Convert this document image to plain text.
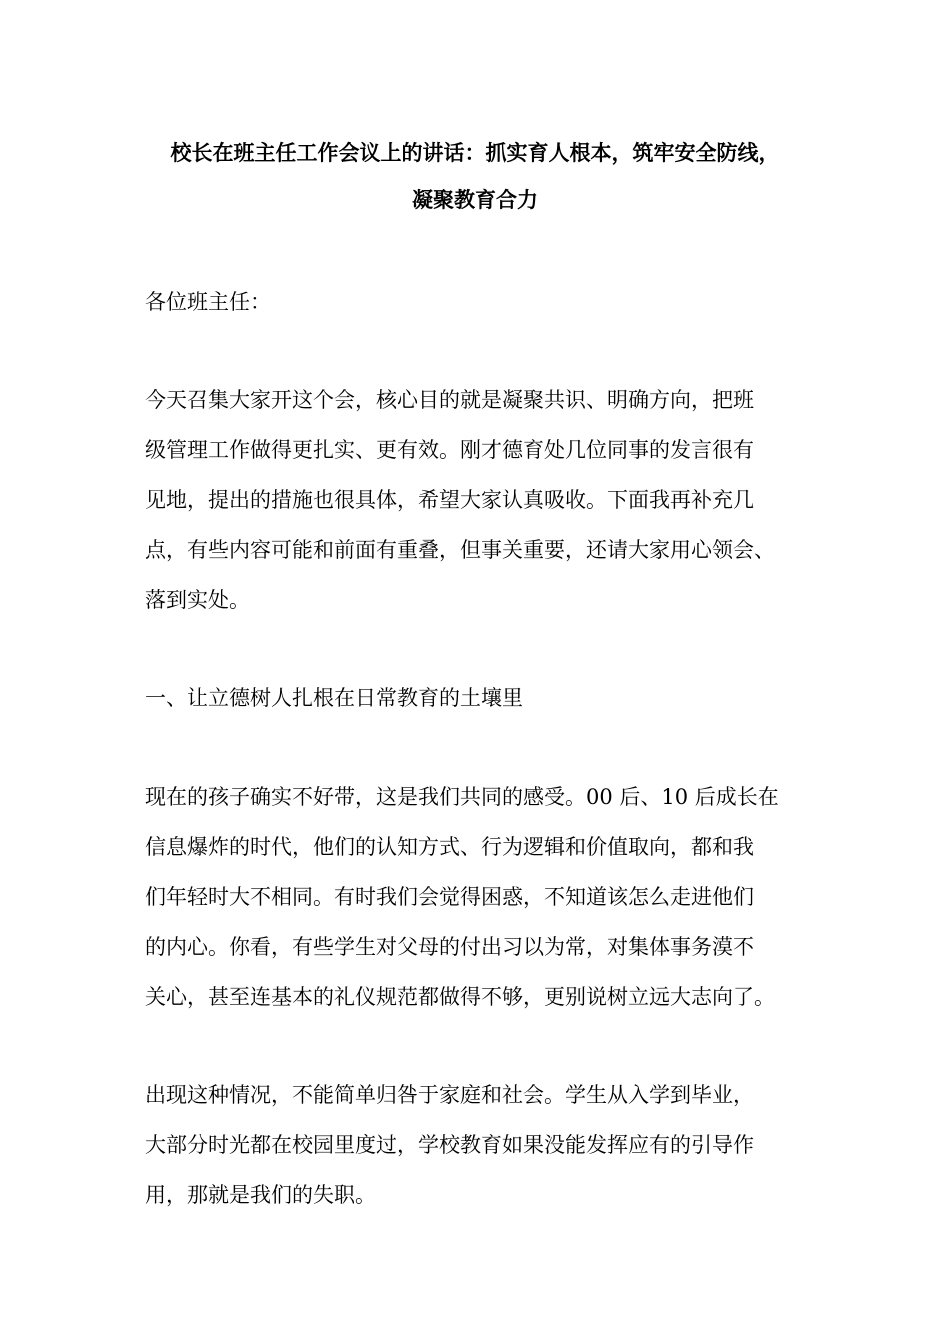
校长在班主任工作会议上的讲话：抓实育人根本，筑牢安全防线，
凝聚教育合力
各位班主任：
今天召集大家开这个会，核心目的就是凝聚共识、明确方向，把班
级管理工作做得更扎实、更有效。刚才德育处几位同事的发言很有
见地，提出的措施也很具体，希望大家认真吸收。下面我再补充几
点，有些内容可能和前面有重叠，但事关重要，还请大家用心领会、
落到实处。
一、让立德树人扎根在日常教育的土壤里
现在的孩子确实不好带，这是我们共同的感受。00 后、10 后成长在
信息爆炸的时代，他们的认知方式、行为逻辑和价值取向，都和我
们年轻时大不相同。有时我们会觉得困惑，不知道该怎么走进他们
的内心。你看，有些学生对父母的付出习以为常，对集体事务漠不
关心，甚至连基本的礼仪规范都做得不够，更别说树立远大志向了。
出现这种情况，不能简单归咎于家庭和社会。学生从入学到毕业，
大部分时光都在校园里度过，学校教育如果没能发挥应有的引导作
用，那就是我们的失职。
